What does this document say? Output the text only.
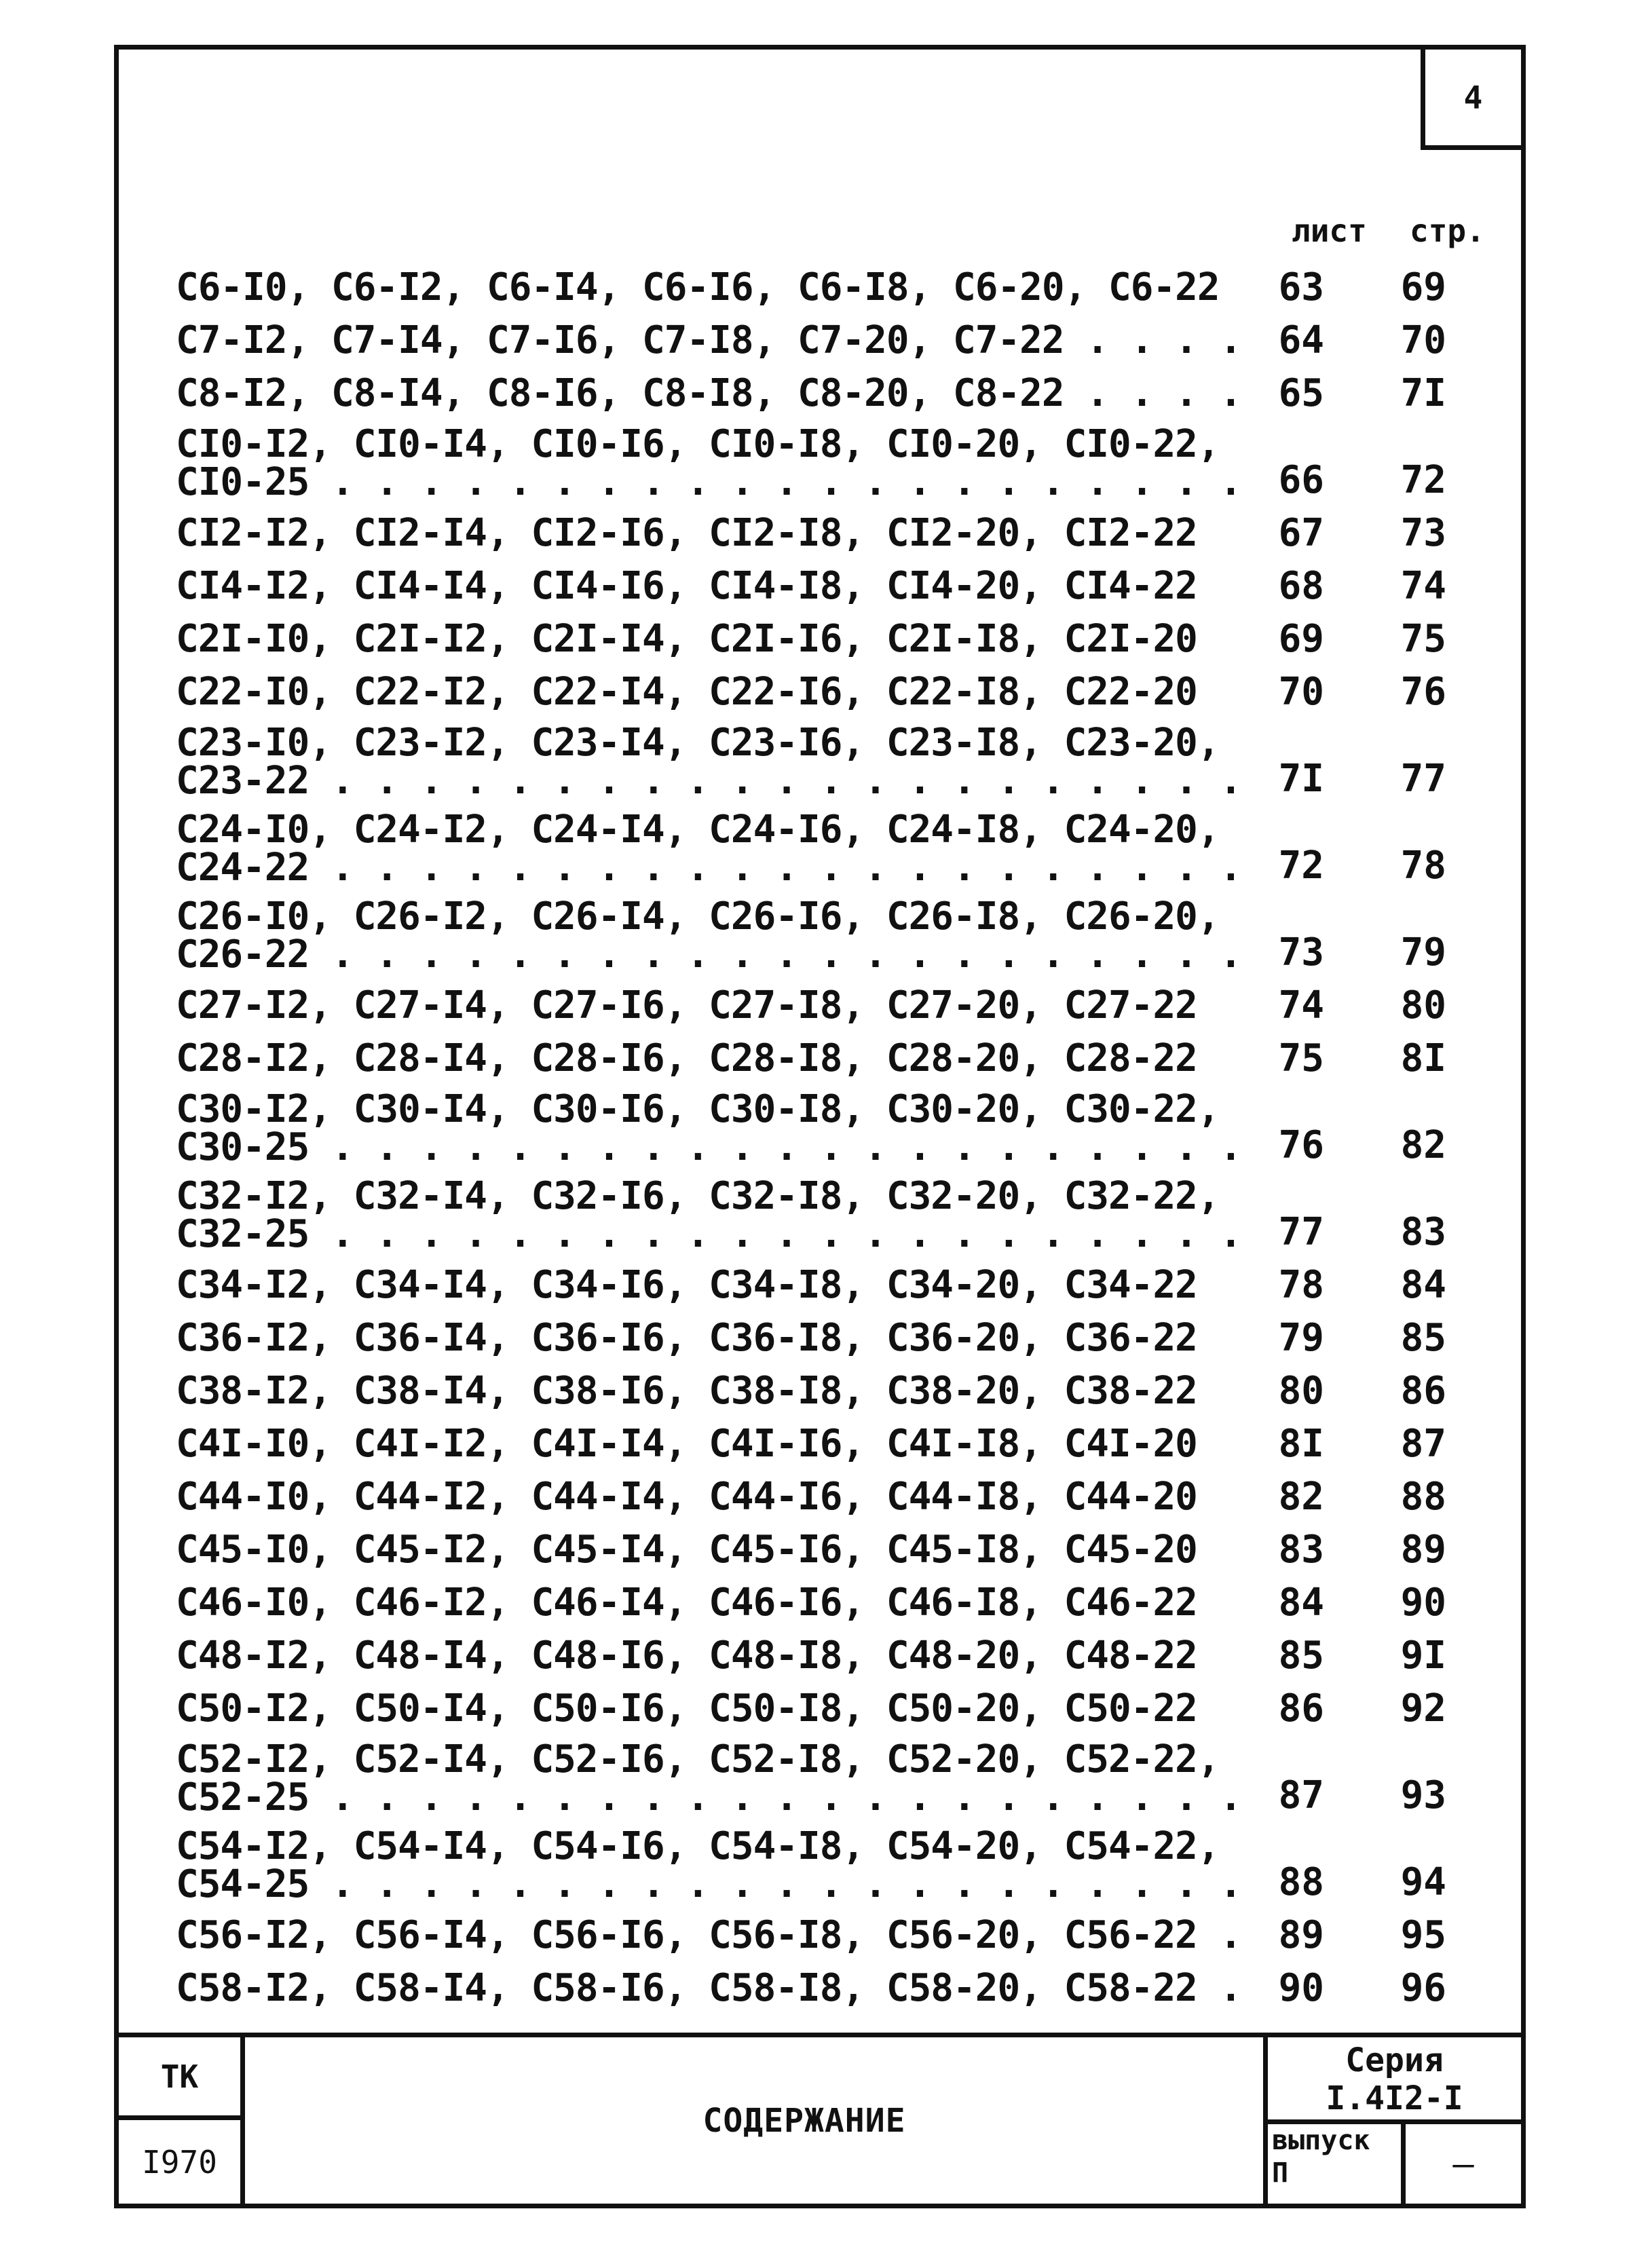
4
лист стр.
С6-I0, С6-I2, С6-I4, С6-I6, С6-I8, С6-20, С6-22	63	69
С7-I2, С7-I4, С7-I6, С7-I8, С7-20, С7-22 . . . . 64	70
С8-I2, С8-I4, С8-I6, С8-I8, С8-20, С8-22 . . . . 65	7I
СI0-I2, СI0-I4, СI0-I6, СI0-I8, СI0-20, СI0-22,
СI0-25 . . . . . . . . . . . . . . . . . . . . . 66	72
СI2-I2, СI2-I4, СI2-I6, СI2-I8, СI2-20, СI2-22	67	73
СI4-I2, СI4-I4, СI4-I6, СI4-I8, СI4-20, СI4-22	68	74
С2I-I0, С2I-I2, С2I-I4, С2I-I6, С2I-I8, С2I-20	69	75
С22-I0, С22-I2, С22-I4, С22-I6, С22-I8, С22-20	70	76
С23-I0, С23-I2, С23-I4, С23-I6, С23-I8, С23-20,
С23-22 . . . . . . . . . . . . . . . . . . . . . 7I	77
С24-I0, С24-I2, С24-I4, С24-I6, С24-I8, С24-20,
С24-22 . . . . . . . . . . . . . . . . . . . . . 72	78
С26-I0, С26-I2, С26-I4, С26-I6, С26-I8, С26-20,
С26-22 . . . . . . . . . . . . . . . . . . . . . 73	79
С27-I2, С27-I4, С27-I6, С27-I8, С27-20, С27-22	74	80
С28-I2, С28-I4, С28-I6, С28-I8, С28-20, С28-22	75	8I
С30-I2, С30-I4, С30-I6, С30-I8, С30-20, С30-22,
С30-25 . . . . . . . . . . . . . . . . . . . . . 76	82
С32-I2, С32-I4, С32-I6, С32-I8, С32-20, С32-22,
С32-25 . . . . . . . . . . . . . . . . . . . . . 77	83
С34-I2, С34-I4, С34-I6, С34-I8, С34-20, С34-22	78	84
С36-I2, С36-I4, С36-I6, С36-I8, С36-20, С36-22	79	85
С38-I2, С38-I4, С38-I6, С38-I8, С38-20, С38-22	80	86
С4I-I0, С4I-I2, С4I-I4, С4I-I6, С4I-I8, С4I-20	8I	87
С44-I0, С44-I2, С44-I4, С44-I6, С44-I8, С44-20	82	88
С45-I0, С45-I2, С45-I4, С45-I6, С45-I8, С45-20	83	89
С46-I0, С46-I2, С46-I4, С46-I6, С46-I8, С46-22	84	90
С48-I2, С48-I4, С48-I6, С48-I8, С48-20, С48-22	85	9I
С50-I2, С50-I4, С50-I6, С50-I8, С50-20, С50-22	86	92
С52-I2, С52-I4, С52-I6, С52-I8, С52-20, С52-22,
С52-25 . . . . . . . . . . . . . . . . . . . . . 87	93
С54-I2, С54-I4, С54-I6, С54-I8, С54-20, С54-22,
С54-25 . . . . . . . . . . . . . . . . . . . . . 88	94
С56-I2, С56-I4, С56-I6, С56-I8, С56-20, С56-22 . 89	95
С58-I2, С58-I4, С58-I6, С58-I8, С58-20, С58-22 . 90	96
ТК
I970
СОДЕРЖАНИЕ
Серия
I.4I2-I
выпуск
П	—
